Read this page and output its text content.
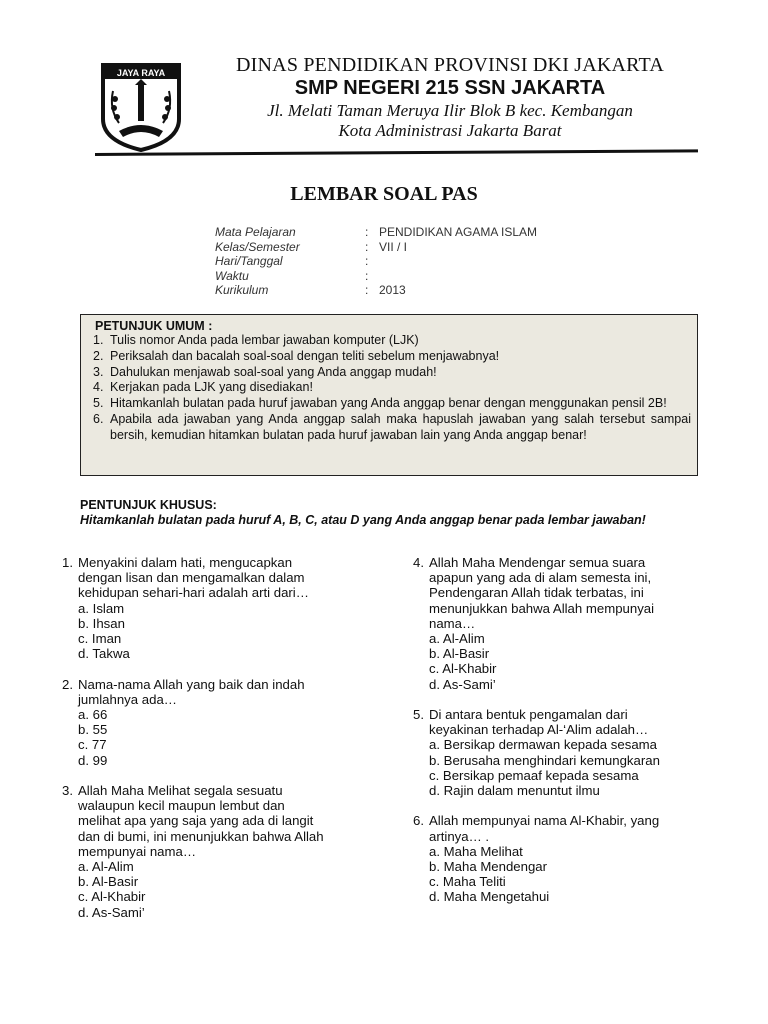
JAYA RAYA	DINAS PENDIDIKAN PROVINSI DKI JAKARTA
SMP NEGERI 215 SSN JAKARTA
Jl. Melati Taman Meruya Ilir Blok B kec. Kembangan
Kota Administrasi Jakarta Barat
LEMBAR SOAL PAS
Mata Pelajaran	: PENDIDIKAN AGAMA ISLAM
Kelas/Semester	: VII / I
Hari/Tanggal	:
Waktu	:
Kurikulum	: 2013
PETUNJUK UMUM :
1. Tulis nomor Anda pada lembar jawaban komputer (LJK)
2. Periksalah dan bacalah soal-soal dengan teliti sebelum menjawabnya!
3. Dahulukan menjawab soal-soal yang Anda anggap mudah!
4. Kerjakan pada LJK yang disediakan!
5. Hitamkanlah bulatan pada huruf jawaban yang Anda anggap benar dengan menggunakan pensil 2B!
6. Apabila ada jawaban yang Anda anggap salah maka hapuslah jawaban yang salah tersebut sampai bersih, kemudian hitamkan bulatan pada huruf jawaban lain yang Anda anggap benar!
PENTUNJUK KHUSUS:
Hitamkanlah bulatan pada huruf A, B, C, atau D yang Anda anggap benar pada lembar jawaban!
1. Menyakini dalam hati, mengucapkan
dengan lisan dan mengamalkan dalam
kehidupan sehari-hari adalah arti dari…
a. Islam
b. Ihsan
c. Iman
d. Takwa
2. Nama-nama Allah yang baik dan indah
jumlahnya ada…
a. 66
b. 55
c. 77
d. 99
3. Allah Maha Melihat segala sesuatu
walaupun kecil maupun lembut dan
melihat apa yang saja yang ada di langit
dan di bumi, ini menunjukkan bahwa Allah
mempunyai nama…
a. Al-Alim
b. Al-Basir
c. Al-Khabir
d. As-Sami’
4. Allah Maha Mendengar semua suara
apapun yang ada di alam semesta ini,
Pendengaran Allah tidak terbatas, ini
menunjukkan bahwa Allah mempunyai
nama…
a. Al-Alim
b. Al-Basir
c. Al-Khabir
d. As-Sami’
5. Di antara bentuk pengamalan dari
keyakinan terhadap Al-‘Alim adalah…
a. Bersikap dermawan kepada sesama
b. Berusaha menghindari kemungkaran
c. Bersikap pemaaf kepada sesama
d. Rajin dalam menuntut ilmu
6. Allah mempunyai nama Al-Khabir, yang
artinya… .
a. Maha Melihat
b. Maha Mendengar
c. Maha Teliti
d. Maha Mengetahui
